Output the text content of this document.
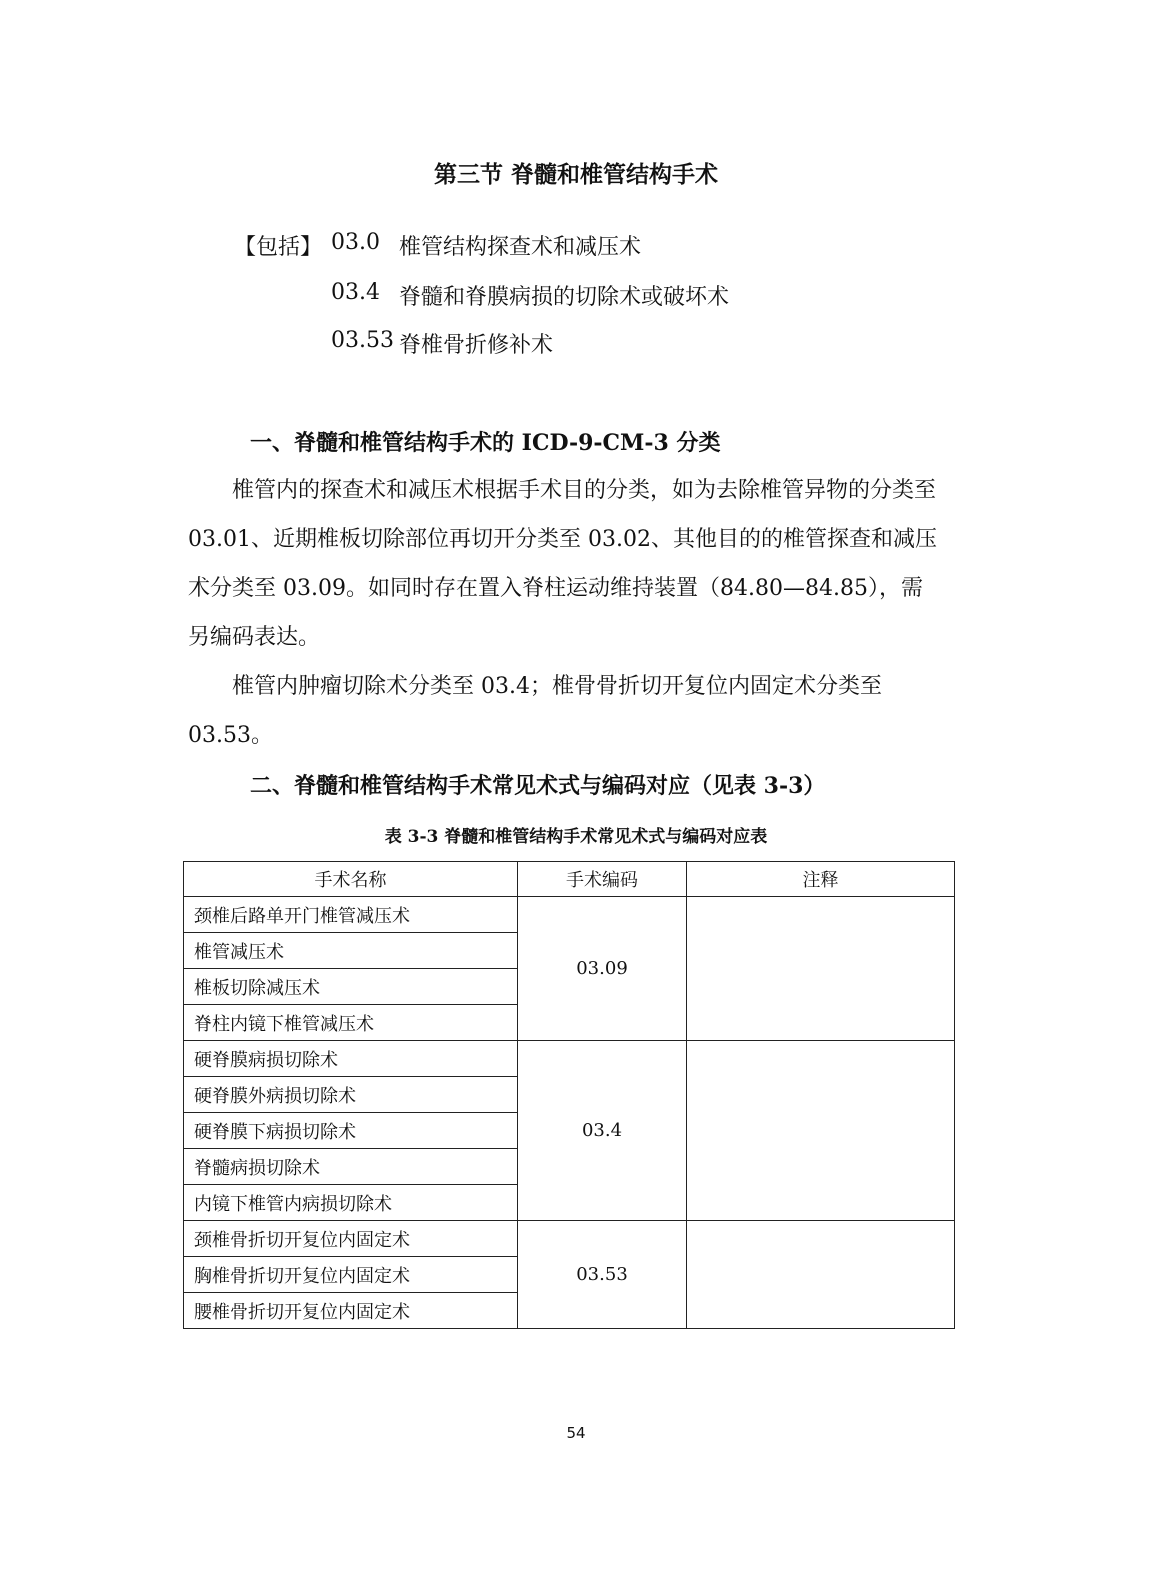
第三节 脊髓和椎管结构手术
【包括】 03.0 椎管结构探查术和减压术
03.4 脊髓和脊膜病损的切除术或破坏术
03.53 脊椎骨折修补术
一、脊髓和椎管结构手术的 ICD-9-CM-3 分类

椎管内的探查术和减压术根据手术目的分类，如为去除椎管异物的分类至 03.01、近期椎板切除部位再切开分类至 03.02、其他目的的椎管探查和减压术分类至 03.09。如同时存在置入脊柱运动维持装置（84.80—84.85），需另编码表达。

椎管内肿瘤切除术分类至 03.4；椎骨骨折切开复位内固定术分类至 03.53。

二、脊髓和椎管结构手术常见术式与编码对应（见表 3-3）
表 3-3 脊髓和椎管结构手术常见术式与编码对应表
手术名称	手术编码	注释
颈椎后路单开门椎管减压术	03.09	
椎管减压术		
椎板切除减压术		
脊柱内镜下椎管减压术		
硬脊膜病损切除术	03.4	
硬脊膜外病损切除术		
硬脊膜下病损切除术		
脊髓病损切除术		
内镜下椎管内病损切除术		
颈椎骨折切开复位内固定术	03.53	
胸椎骨折切开复位内固定术		
腰椎骨折切开复位内固定术		
54
